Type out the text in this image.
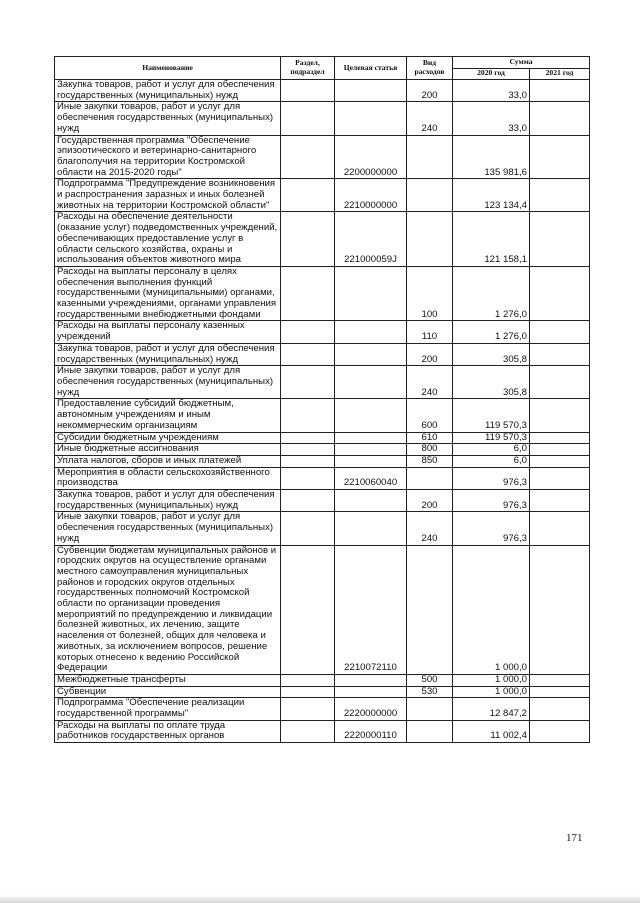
Наименование	Раздел, подраздел	Целевая статья	Вид расходов	Сумма	
				2020 год	2021 год
Закупка товаров, работ и услуг для обеспечения государственных (муниципальных) нужд			200	33,0	
Иные закупки товаров, работ и услуг для обеспечения государственных (муниципальных) нужд			240	33,0	
Государственная программа "Обеспечение эпизоотического и ветеринарно-санитарного благополучия на территории Костромской области на 2015-2020 годы"		2200000000		135 981,6	
Подпрограмма "Предупреждение возникновения и распространения заразных и иных болезней животных на территории Костромской области"		2210000000		123 134,4	
Расходы на обеспечение деятельности (оказание услуг) подведомственных учреждений, обеспечивающих предоставление услуг в области сельского хозяйства, охраны и использования объектов животного мира		221000059J		121 158,1	
Расходы на выплаты персоналу в целях обеспечения выполнения функций государственными (муниципальными) органами, казенными учреждениями, органами управления государственными внебюджетными фондами			100	1 276,0	
Расходы на выплаты персоналу казенных учреждений			110	1 276,0	
Закупка товаров, работ и услуг для обеспечения государственных (муниципальных) нужд			200	305,8	
Иные закупки товаров, работ и услуг для обеспечения государственных (муниципальных) нужд			240	305,8	
Предоставление субсидий бюджетным, автономным учреждениям и иным некоммерческим организациям			600	119 570,3	
Субсидии бюджетным учреждениям			610	119 570,3	
Иные бюджетные ассигнования			800	6,0	
Уплата налогов, сборов и иных платежей			850	6,0	
Мероприятия в области сельскохозяйственного производства		2210060040		976,3	
Закупка товаров, работ и услуг для обеспечения государственных (муниципальных) нужд			200	976,3	
Иные закупки товаров, работ и услуг для обеспечения государственных (муниципальных) нужд			240	976,3	
Субвенции бюджетам муниципальных районов и городских округов на осуществление органами местного самоуправления муниципальных районов и городских округов отдельных государственных полномочий Костромской области по организации проведения мероприятий по предупреждению и ликвидации болезней животных, их лечению, защите населения от болезней, общих для человека и животных, за исключением вопросов, решение которых отнесено к ведению Российской Федерации		2210072110		1 000,0	
Межбюджетные трансферты			500	1 000,0	
Субвенции			530	1 000,0	
Подпрограмма "Обеспечение реализации государственной программы"		2220000000		12 847,2	
Расходы на выплаты по оплате труда работников государственных органов		2220000110		11 002,4	
171
